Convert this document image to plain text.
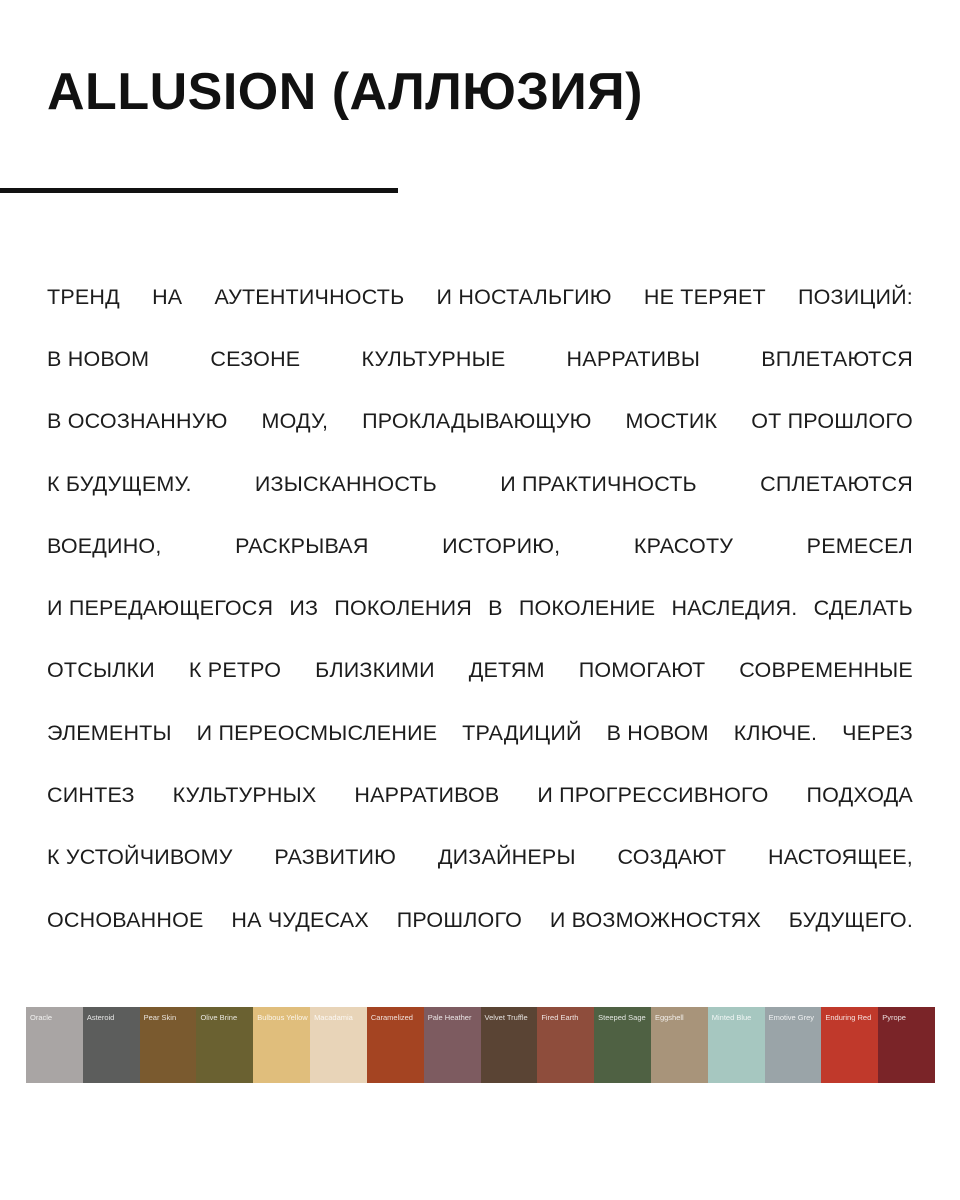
ALLUSION (АЛЛЮЗИЯ)
ТРЕНД НА АУТЕНТИЧНОСТЬ И НОСТАЛЬГИЮ НЕ ТЕРЯЕТ ПОЗИЦИЙ:
В НОВОМ	СЕЗОНЕ	КУЛЬТУРНЫЕ	НАРРАТИВЫ	ВПЛЕТАЮТСЯ
В ОСОЗНАННУЮ МОДУ, ПРОКЛАДЫВАЮЩУЮ МОСТИК ОТ ПРОШЛОГО
К БУДУЩЕМУ.	ИЗЫСКАННОСТЬ	И ПРАКТИЧНОСТЬ	СПЛЕТАЮТСЯ
ВОЕДИНО,	РАСКРЫВАЯ	ИСТОРИЮ,	КРАСОТУ	РЕМЕСЕЛ
И ПЕРЕДАЮЩЕГОСЯ ИЗ ПОКОЛЕНИЯ В ПОКОЛЕНИЕ НАСЛЕДИЯ. СДЕЛАТЬ
ОТСЫЛКИ К РЕТРО БЛИЗКИМИ ДЕТЯМ ПОМОГАЮТ СОВРЕМЕННЫЕ
ЭЛЕМЕНТЫ И ПЕРЕОСМЫСЛЕНИЕ ТРАДИЦИЙ В НОВОМ КЛЮЧЕ. ЧЕРЕЗ
СИНТЕЗ КУЛЬТУРНЫХ НАРРАТИВОВ И ПРОГРЕССИВНОГО ПОДХОДА
К УСТОЙЧИВОМУ РАЗВИТИЮ ДИЗАЙНЕРЫ СОЗДАЮТ НАСТОЯЩЕЕ,
ОСНОВАННОЕ НА ЧУДЕСАХ ПРОШЛОГО И ВОЗМОЖНОСТЯХ БУДУЩЕГО.
Oracle	Asteroid	Pear Skin	Olive Brine	Bulbous Yellow Macadamia	Caramelized	Pale Heather	Velvet Truffle	Fired Earth	Steeped Sage	Eggshell	Minted Blue	Emotive Grey	Enduring Red	Pyrope
